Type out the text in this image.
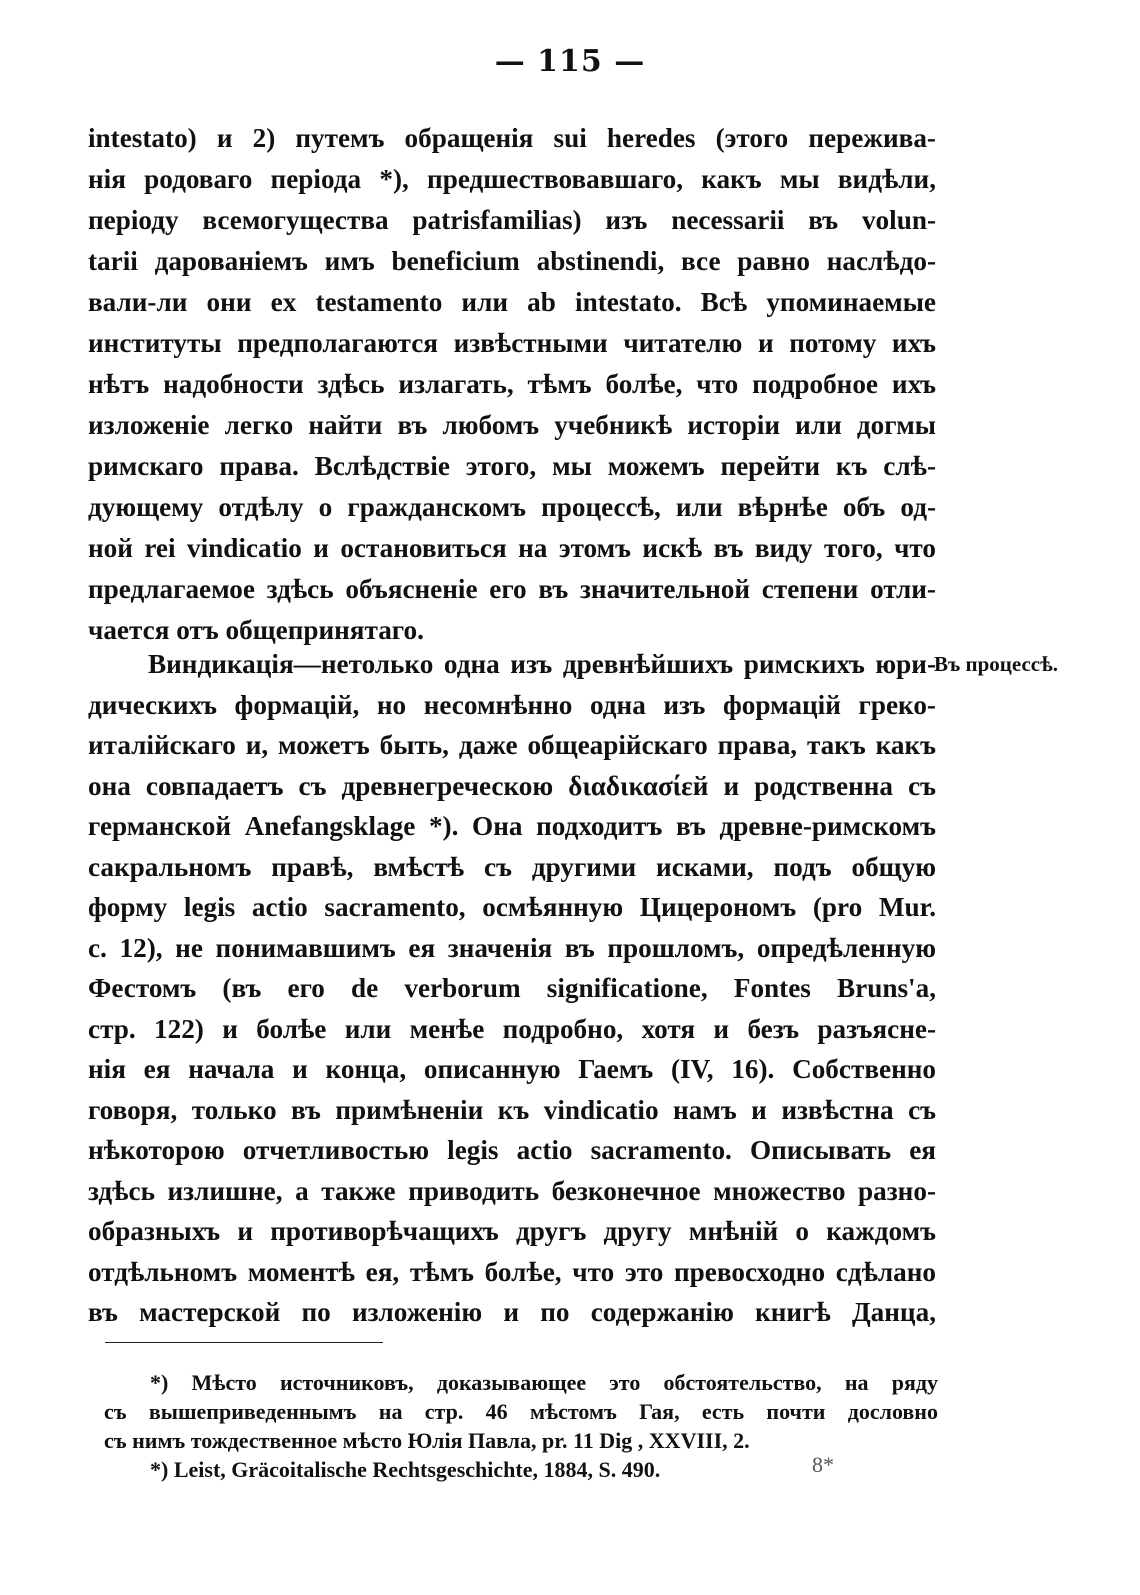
— 115 —
intestato) и 2) путемъ обращенія sui heredes (этого пережива-
нія родоваго періода *), предшествовавшаго, какъ мы видѣли,
періоду всемогущества patrisfamilias) изъ necessarii въ volun-
tarii дарованіемъ имъ beneficium abstinendi, все равно наслѣдо-
вали-ли они ex testamento или ab intestato. Всѣ упоминаемые
институты предполагаются извѣстными читателю и потому ихъ
нѣтъ надобности здѣсь излагать, тѣмъ болѣе, что подробное ихъ
изложеніе легко найти въ любомъ учебникѣ исторіи или догмы
римскаго права. Вслѣдствіе этого, мы можемъ перейти къ слѣ-
дующему отдѣлу о гражданскомъ процессѣ, или вѣрнѣе объ од-
ной rei vindicatio и остановиться на этомъ искѣ въ виду того, что
предлагаемое здѣсь объясненіе его въ значительной степени отли-
чается отъ общепринятаго.
Виндикація—нетолько одна изъ древнѣйшихъ римскихъ юри-
дическихъ формацій, но несомнѣнно одна изъ формацій греко-
италійскаго и, можетъ быть, даже общеарійскаго права, такъ какъ
она совпадаетъ съ древнегреческою διαδικασίεй и родственна съ
германской Anefangsklage *). Она подходитъ въ древне-римскомъ
сакральномъ правѣ, вмѣстѣ съ другими исками, подъ общую
форму legis actio sacramento, осмѣянную Цицерономъ (pro Mur.
c. 12), не понимавшимъ ея значенія въ прошломъ, опредѣленную
Фестомъ (въ его de verborum significatione, Fontes Bruns'a,
стр. 122) и болѣе или менѣе подробно, хотя и безъ разъясне-
нія ея начала и конца, описанную Гаемъ (IV, 16). Собственно
говоря, только въ примѣненіи къ vindicatio намъ и извѣстна съ
нѣкоторою отчетливостью legis actio sacramento. Описывать ея
здѣсь излишне, а также приводить безконечное множество разно-
образныхъ и противорѣчащихъ другъ другу мнѣній о каждомъ
отдѣльномъ моментѣ ея, тѣмъ болѣе, что это превосходно сдѣлано
въ мастерской по изложенію и по содержанію книгѣ Данца,
Въ процессѣ.
*) Мѣсто источниковъ, доказывающее это обстоятельство, на ряду
съ вышеприведеннымъ на стр. 46 мѣстомъ Гая, есть почти дословно
съ нимъ тождественное мѣсто Юлія Павла, pr. 11 Dig , XXVIII, 2.
*) Leist, Gräcoitalische Rechtsgeschichte, 1884, S. 490.	8*
